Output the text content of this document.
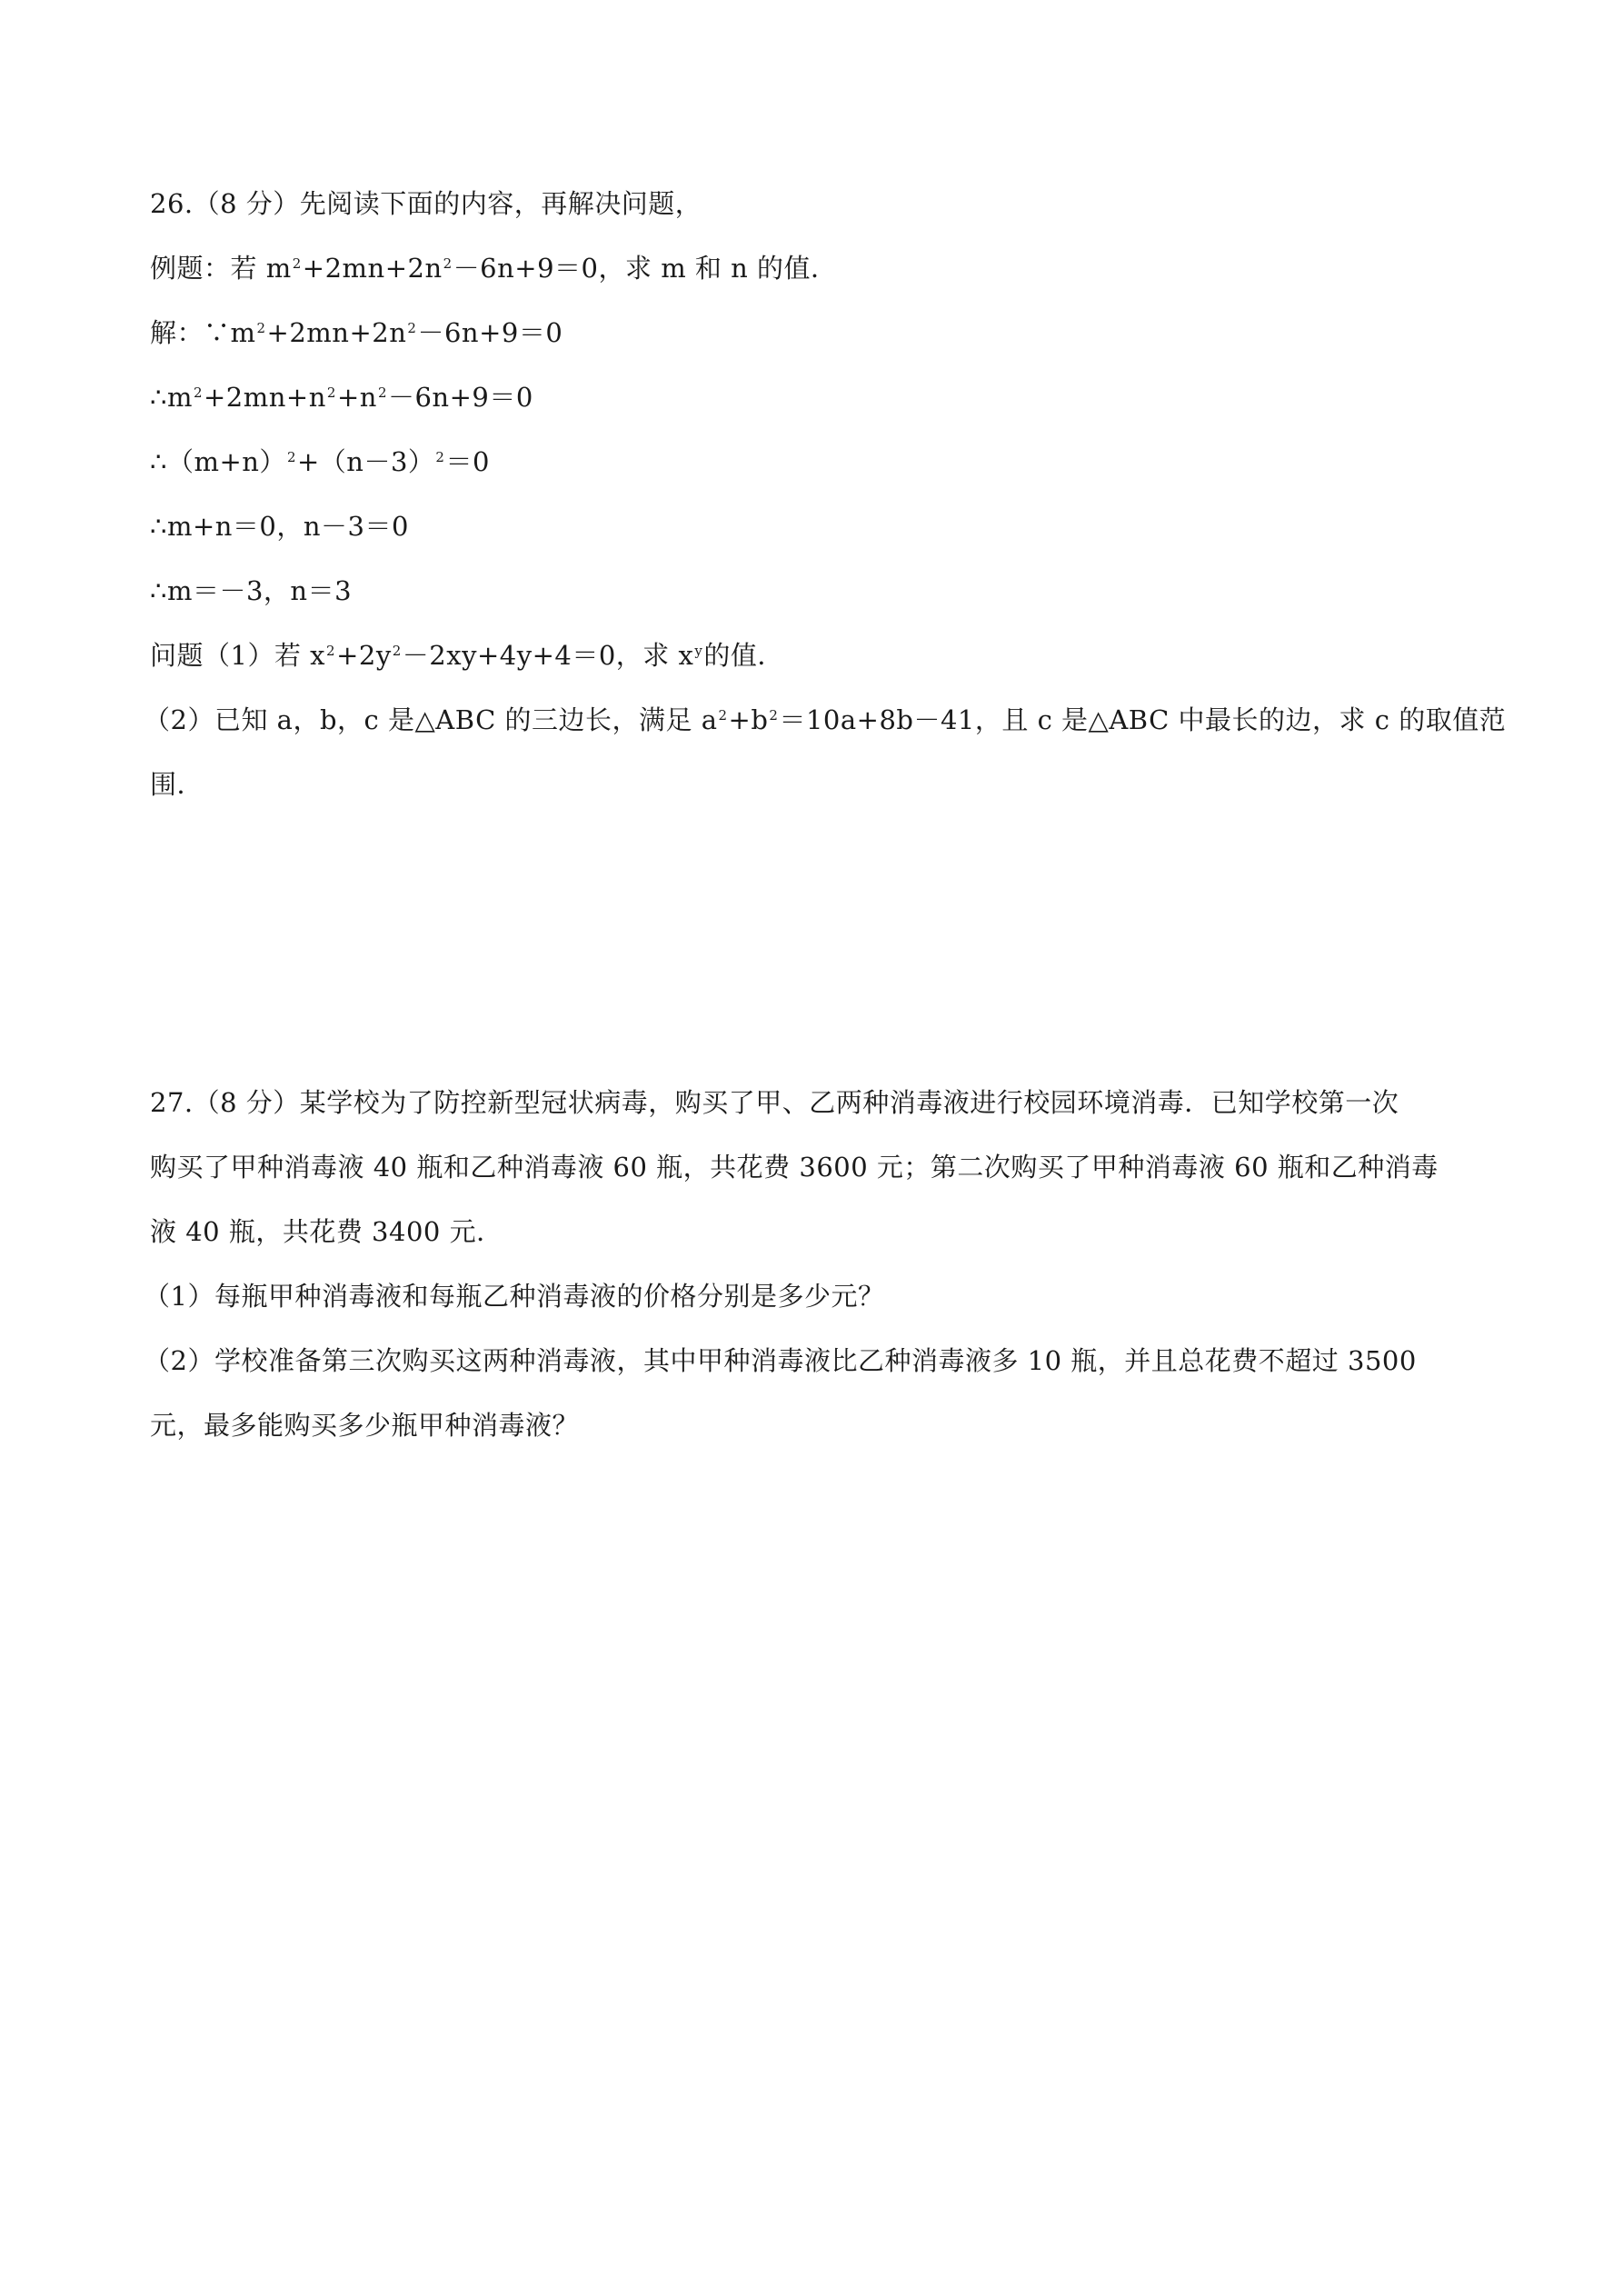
26.（8 分）先阅读下面的内容，再解决问题，
例题：若 $m^2+2mn+2n^2-6n+9=0$，求 m 和 n 的值．
解：$\because m^2+2mn+2n^2-6n+9=0$
$\therefore m^2+2mn+n^2+n^2-6n+9=0$
$\therefore(m+n)^2+(n-3)^2=0$
∴m+n＝0，n－3＝0
∴m＝－3，n＝3
问题（1）若 $x^2+2y^2-2xy+4y+4=0$，求 $x^y$的值．
（2）已知 a，b，c 是△ABC 的三边长，满足 $a^2+b^2=10a+8b-41$，且 c 是△ABC 中最长的边，求 c 的取值范
围．
27.（8 分）某学校为了防控新型冠状病毒，购买了甲、乙两种消毒液进行校园环境消毒．已知学校第一次
购买了甲种消毒液 40 瓶和乙种消毒液 60 瓶，共花费 3600 元；第二次购买了甲种消毒液 60 瓶和乙种消毒
液 40 瓶，共花费 3400 元．
（1）每瓶甲种消毒液和每瓶乙种消毒液的价格分别是多少元？
（2）学校准备第三次购买这两种消毒液，其中甲种消毒液比乙种消毒液多 10 瓶，并且总花费不超过 3500
元，最多能购买多少瓶甲种消毒液？
